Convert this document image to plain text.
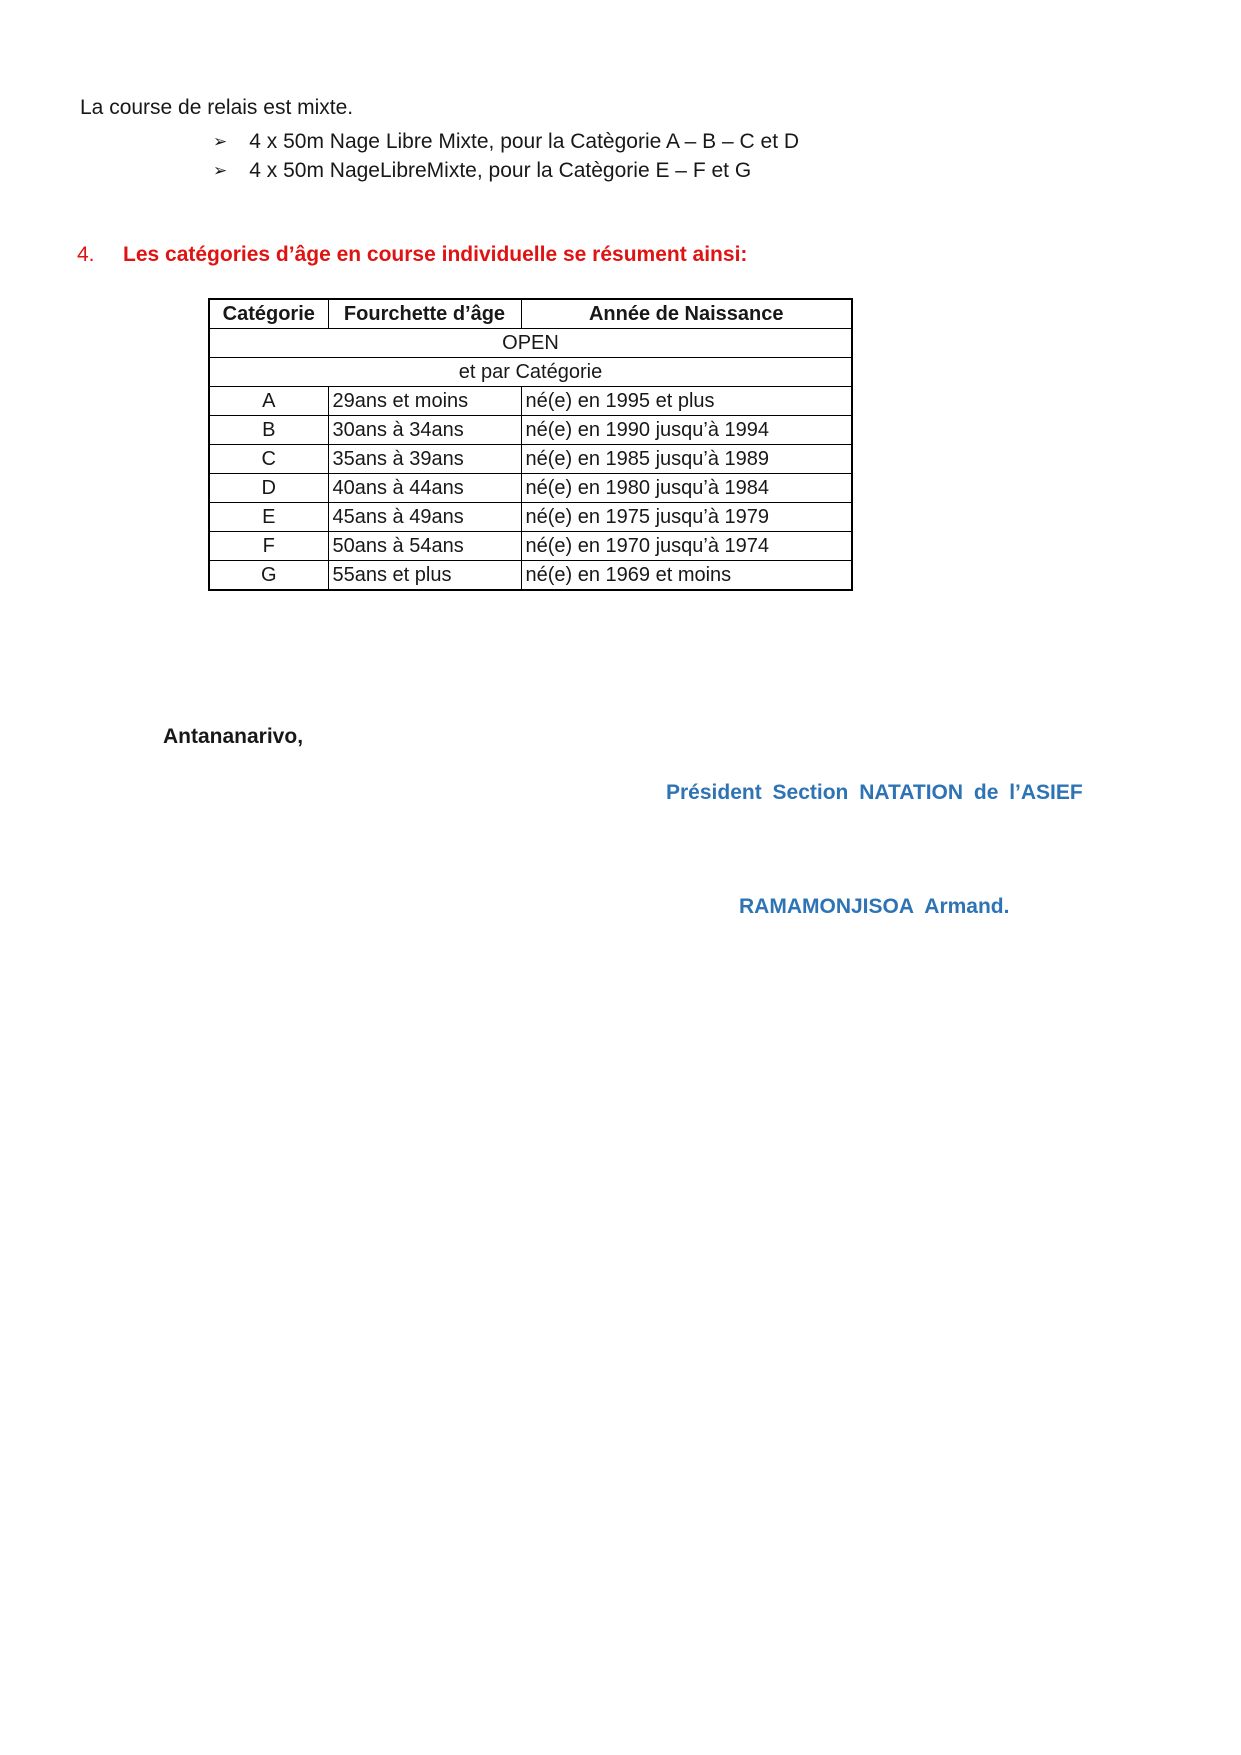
La course de relais est mixte.

➢ 4 x 50m Nage Libre Mixte, pour la Catègorie A – B – C et D
➢ 4 x 50m NageLibreMixte, pour la Catègorie E – F et G
4. Les catégories d’âge en course individuelle se résument ainsi:
Catégorie	Fourchette d’âge	Année de Naissance
OPEN		
et par Catégorie		
A	29ans et moins	né(e) en 1995 et plus
B	30ans à 34ans	né(e) en 1990 jusqu’à 1994
C	35ans à 39ans	né(e) en 1985 jusqu’à 1989
D	40ans à 44ans	né(e) en 1980 jusqu’à 1984
E	45ans à 49ans	né(e) en 1975 jusqu’à 1979
F	50ans à 54ans	né(e) en 1970 jusqu’à 1974
G	55ans et plus	né(e) en 1969 et moins

Antananarivo,

Président Section NATATION de l’ASIEF

RAMAMONJISOA Armand.
